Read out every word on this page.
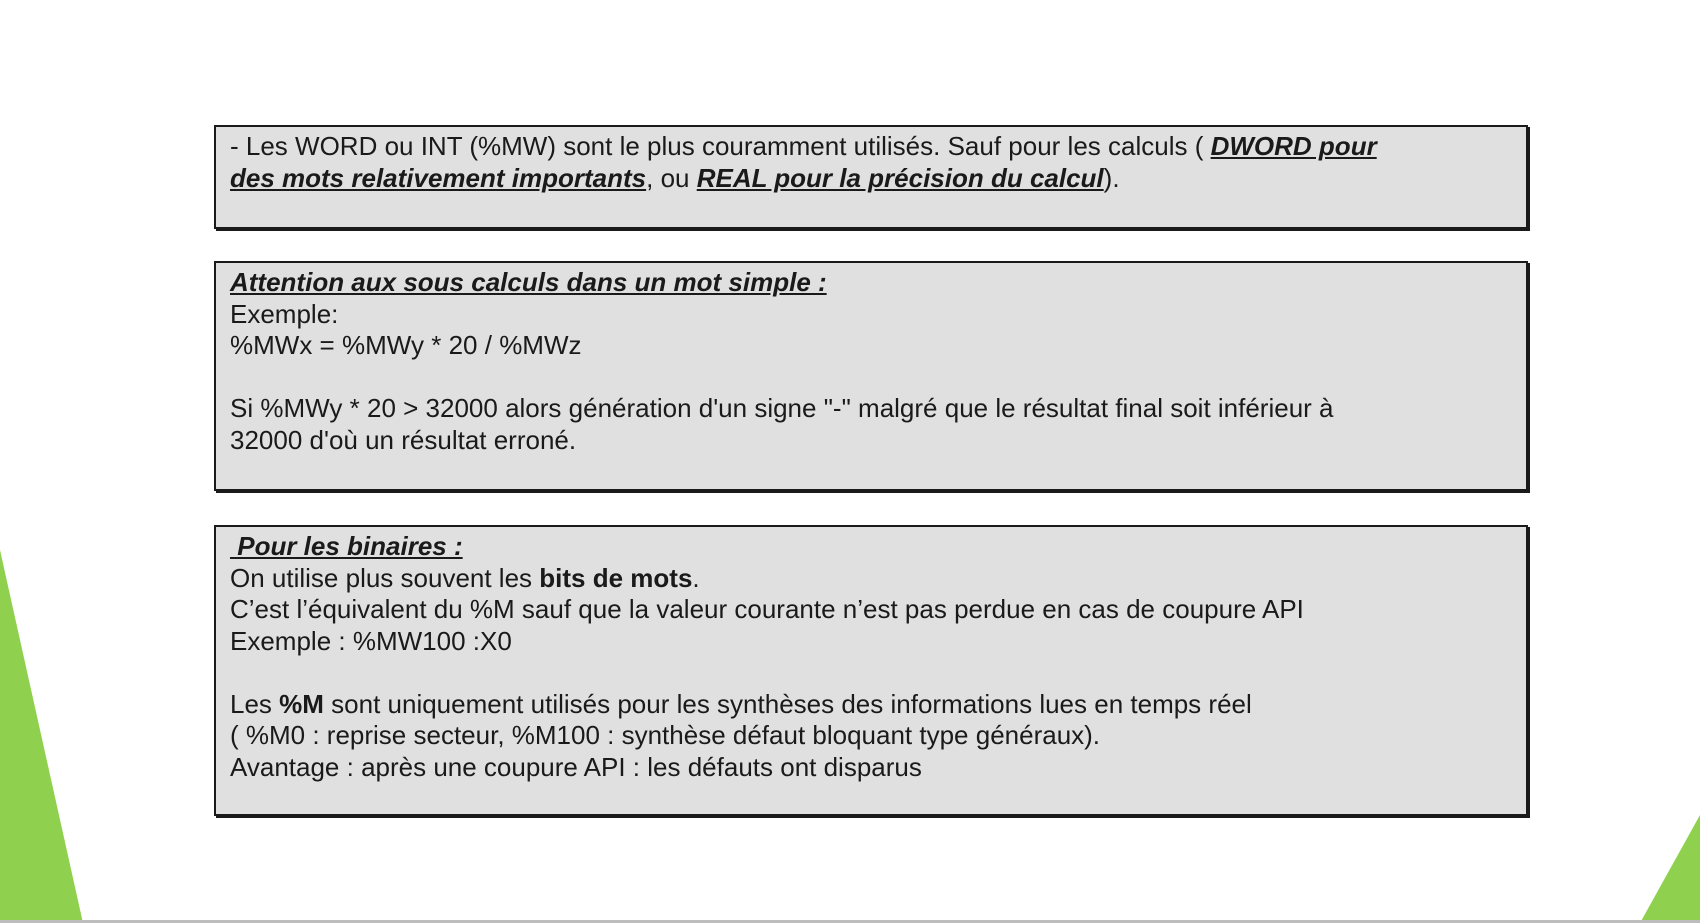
- Les WORD ou INT (%MW) sont le plus couramment utilisés. Sauf pour les calculs ( DWORD pour
des mots relativement importants, ou REAL pour la précision du calcul).
Attention aux sous calculs dans un mot simple :
Exemple:
%MWx = %MWy * 20 / %MWz
Si %MWy * 20 > 32000 alors génération d'un signe "-" malgré que le résultat final soit inférieur à
32000 d'où un résultat erroné.
Pour les binaires :
On utilise plus souvent les bits de mots.
C’est l’équivalent du %M sauf que la valeur courante n’est pas perdue en cas de coupure API
Exemple : %MW100 :X0
Les %M sont uniquement utilisés pour les synthèses des informations lues en temps réel
( %M0 : reprise secteur, %M100 : synthèse défaut bloquant type généraux).
Avantage : après une coupure API : les défauts ont disparus
